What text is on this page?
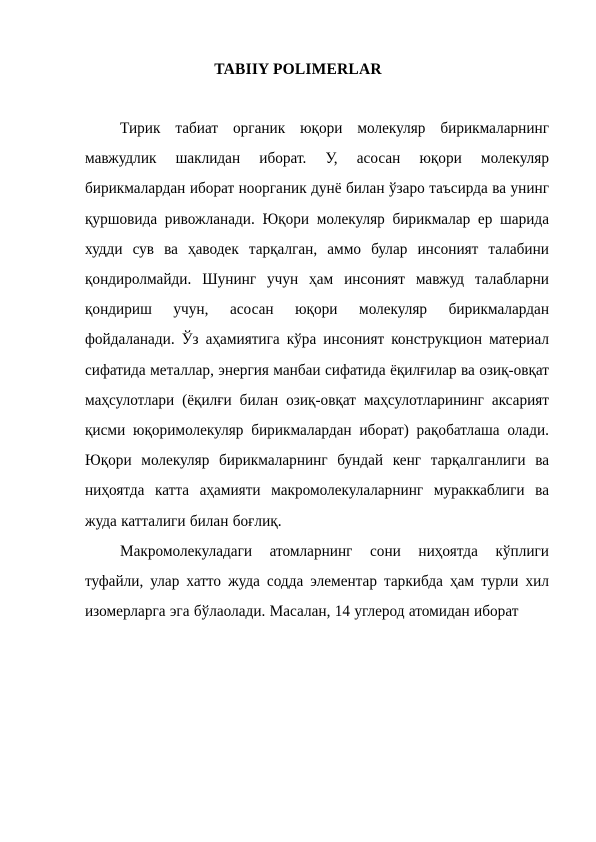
TABIIY POLIMERLAR

Тирик табиат органик юқори молекуляр бирикмаларнинг мавжудлик шаклидан иборат. У, асосан юқори молекуляр бирикмалардан иборат ноорганик дунё билан ўзаро таъсирда ва унинг қуршовида ривожланади. Юқори молекуляр бирикмалар ер шарида худди сув ва ҳаводек тарқалган, аммо булар инсоният талабини қондиролмайди. Шунинг учун ҳам инсоният мавжуд талабларни қондириш учун, асосан юқори молекуляр бирикмалардан фойдаланади. Ўз аҳамиятига кўра инсоният конструкцион материал сифатида металлар, энергия манбаи сифатида ёқилғилар ва озиқ-овқат маҳсулотлари (ёқилғи билан озиқ-овқат маҳсулотларининг аксарият қисми юқоримолекуляр бирикмалардан иборат) рақобатлаша олади. Юқори молекуляр бирикмаларнинг бундай кенг тарқалганлиги ва ниҳоятда катта аҳамияти макромолекулаларнинг мураккаблиги ва жуда катталиги билан боғлиқ.

Макромолекуладаги атомларнинг сони ниҳоятда кўплиги туфайли, улар хатто жуда содда элементар таркибда ҳам турли хил изомерларга эга бўлаолади. Масалан, 14 углерод атомидан иборат
